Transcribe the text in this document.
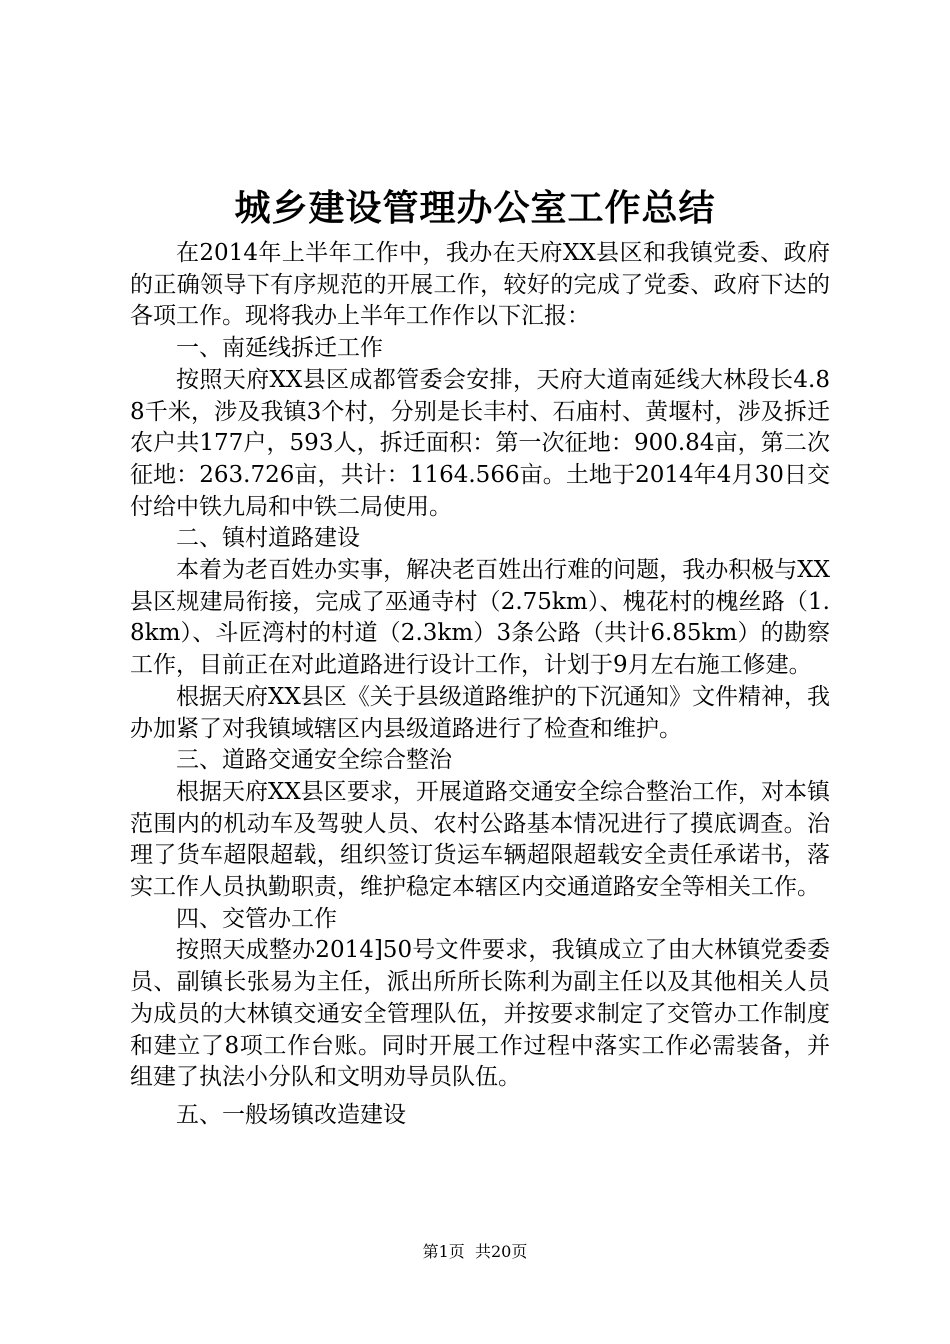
城乡建设管理办公室工作总结

在2014年上半年工作中，我办在天府XX县区和我镇党委、政府的正确领导下有序规范的开展工作，较好的完成了党委、政府下达的各项工作。现将我办上半年工作作以下汇报：

一、南延线拆迁工作

按照天府XX县区成都管委会安排，天府大道南延线大林段长4.88千米，涉及我镇3个村，分别是长丰村、石庙村、黄堰村，涉及拆迁农户共177户，593人，拆迁面积：第一次征地：900.84亩，第二次征地：263.726亩，共计：1164.566亩。土地于2014年4月30日交付给中铁九局和中铁二局使用。

二、镇村道路建设

本着为老百姓办实事，解决老百姓出行难的问题，我办积极与XX县区规建局衔接，完成了巫通寺村（2.75km）、槐花村的槐丝路（1.8km）、斗匠湾村的村道（2.3km）3条公路（共计6.85km）的勘察工作，目前正在对此道路进行设计工作，计划于9月左右施工修建。

根据天府XX县区《关于县级道路维护的下沉通知》文件精神，我办加紧了对我镇域辖区内县级道路进行了检查和维护。

三、道路交通安全综合整治

根据天府XX县区要求，开展道路交通安全综合整治工作，对本镇范围内的机动车及驾驶人员、农村公路基本情况进行了摸底调查。治理了货车超限超载，组织签订货运车辆超限超载安全责任承诺书，落实工作人员执勤职责，维护稳定本辖区内交通道路安全等相关工作。

四、交管办工作

按照天成整办2014]50号文件要求，我镇成立了由大林镇党委委员、副镇长张易为主任，派出所所长陈利为副主任以及其他相关人员为成员的大林镇交通安全管理队伍，并按要求制定了交管办工作制度和建立了8项工作台账。同时开展工作过程中落实工作必需装备，并组建了执法小分队和文明劝导员队伍。

五、一般场镇改造建设

第1页 共20页
